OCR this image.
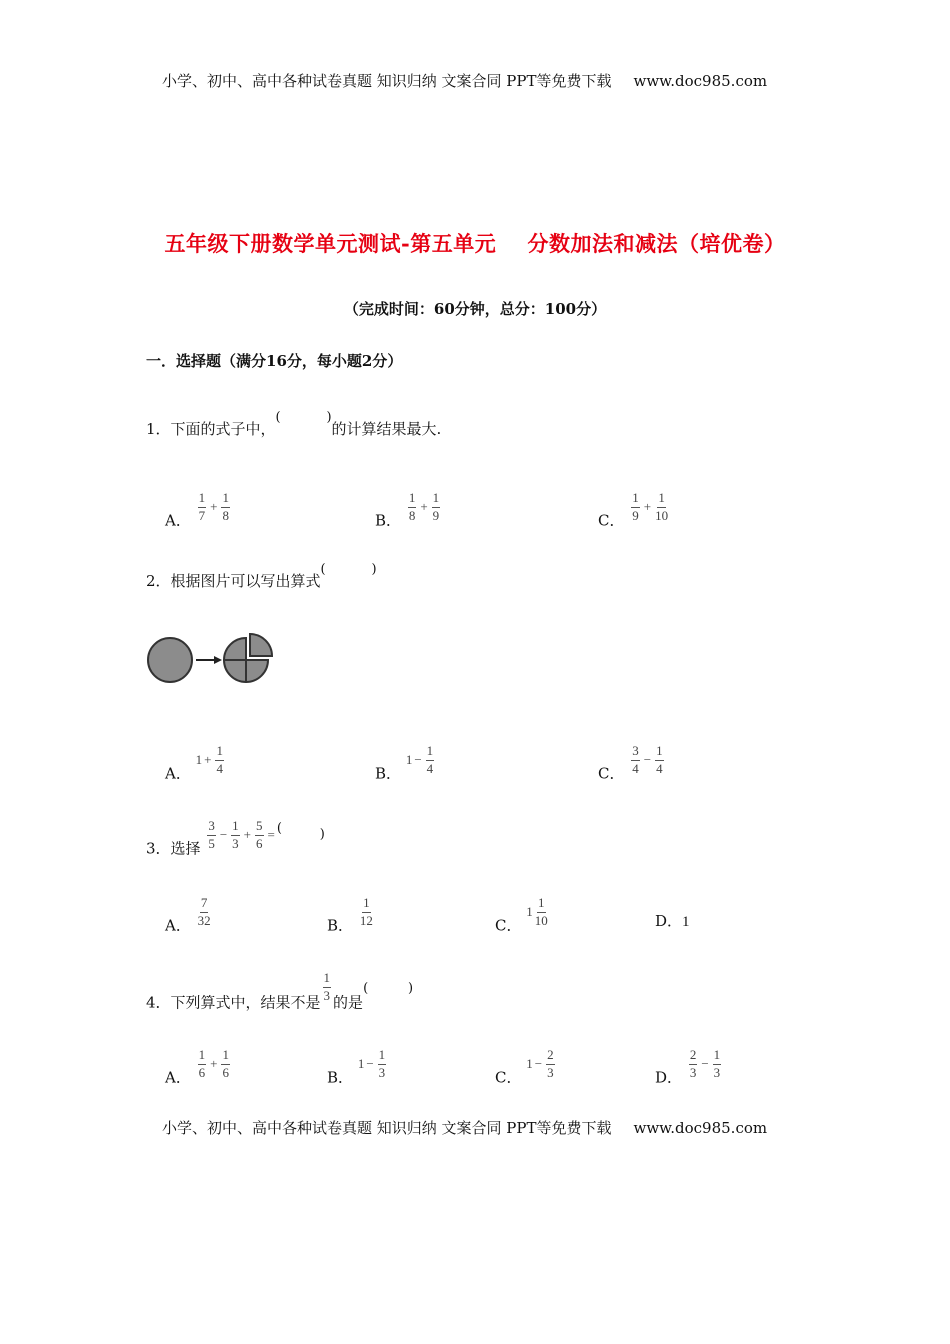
小学、初中、高中各种试卷真题 知识归纳 文案合同 PPT等免费下载 www.doc985.com
五年级下册数学单元测试-第五单元    分数加法和减法（培优卷）
（完成时间：60分钟，总分：100分）
一．选择题（满分16分，每小题2分）
1．下面的式子中，
(	)
的计算结果最大.
A． $\frac{1}{7} + \frac{1}{8}$	B． $\frac{1}{8} + \frac{1}{9}$	C． $\frac{1}{9} + \frac{1}{10}$
2．根据图片可以写出算式
(	)
A．
$1 + \frac{1}{4}$	B．
$1 - \frac{1}{4}$	C． $\frac{3}{4} - \frac{1}{4}$
3．选择 $\frac{3}{5} - \frac{1}{3} + \frac{5}{6}$ = (	)
A． $\frac{7}{32}$	B． $\frac{1}{12}$	C．
$1 \frac{1}{10}$	D．1
4．下列算式中，结果不是 $\frac{1}{3}$ 的是
(	)
A． $\frac{1}{6} + \frac{1}{6}$	B．
$1 - \frac{1}{3}$	C．
$1 - \frac{2}{3}$	D． $\frac{2}{3} - \frac{1}{3}$
小学、初中、高中各种试卷真题 知识归纳 文案合同 PPT等免费下载 www.doc985.com
